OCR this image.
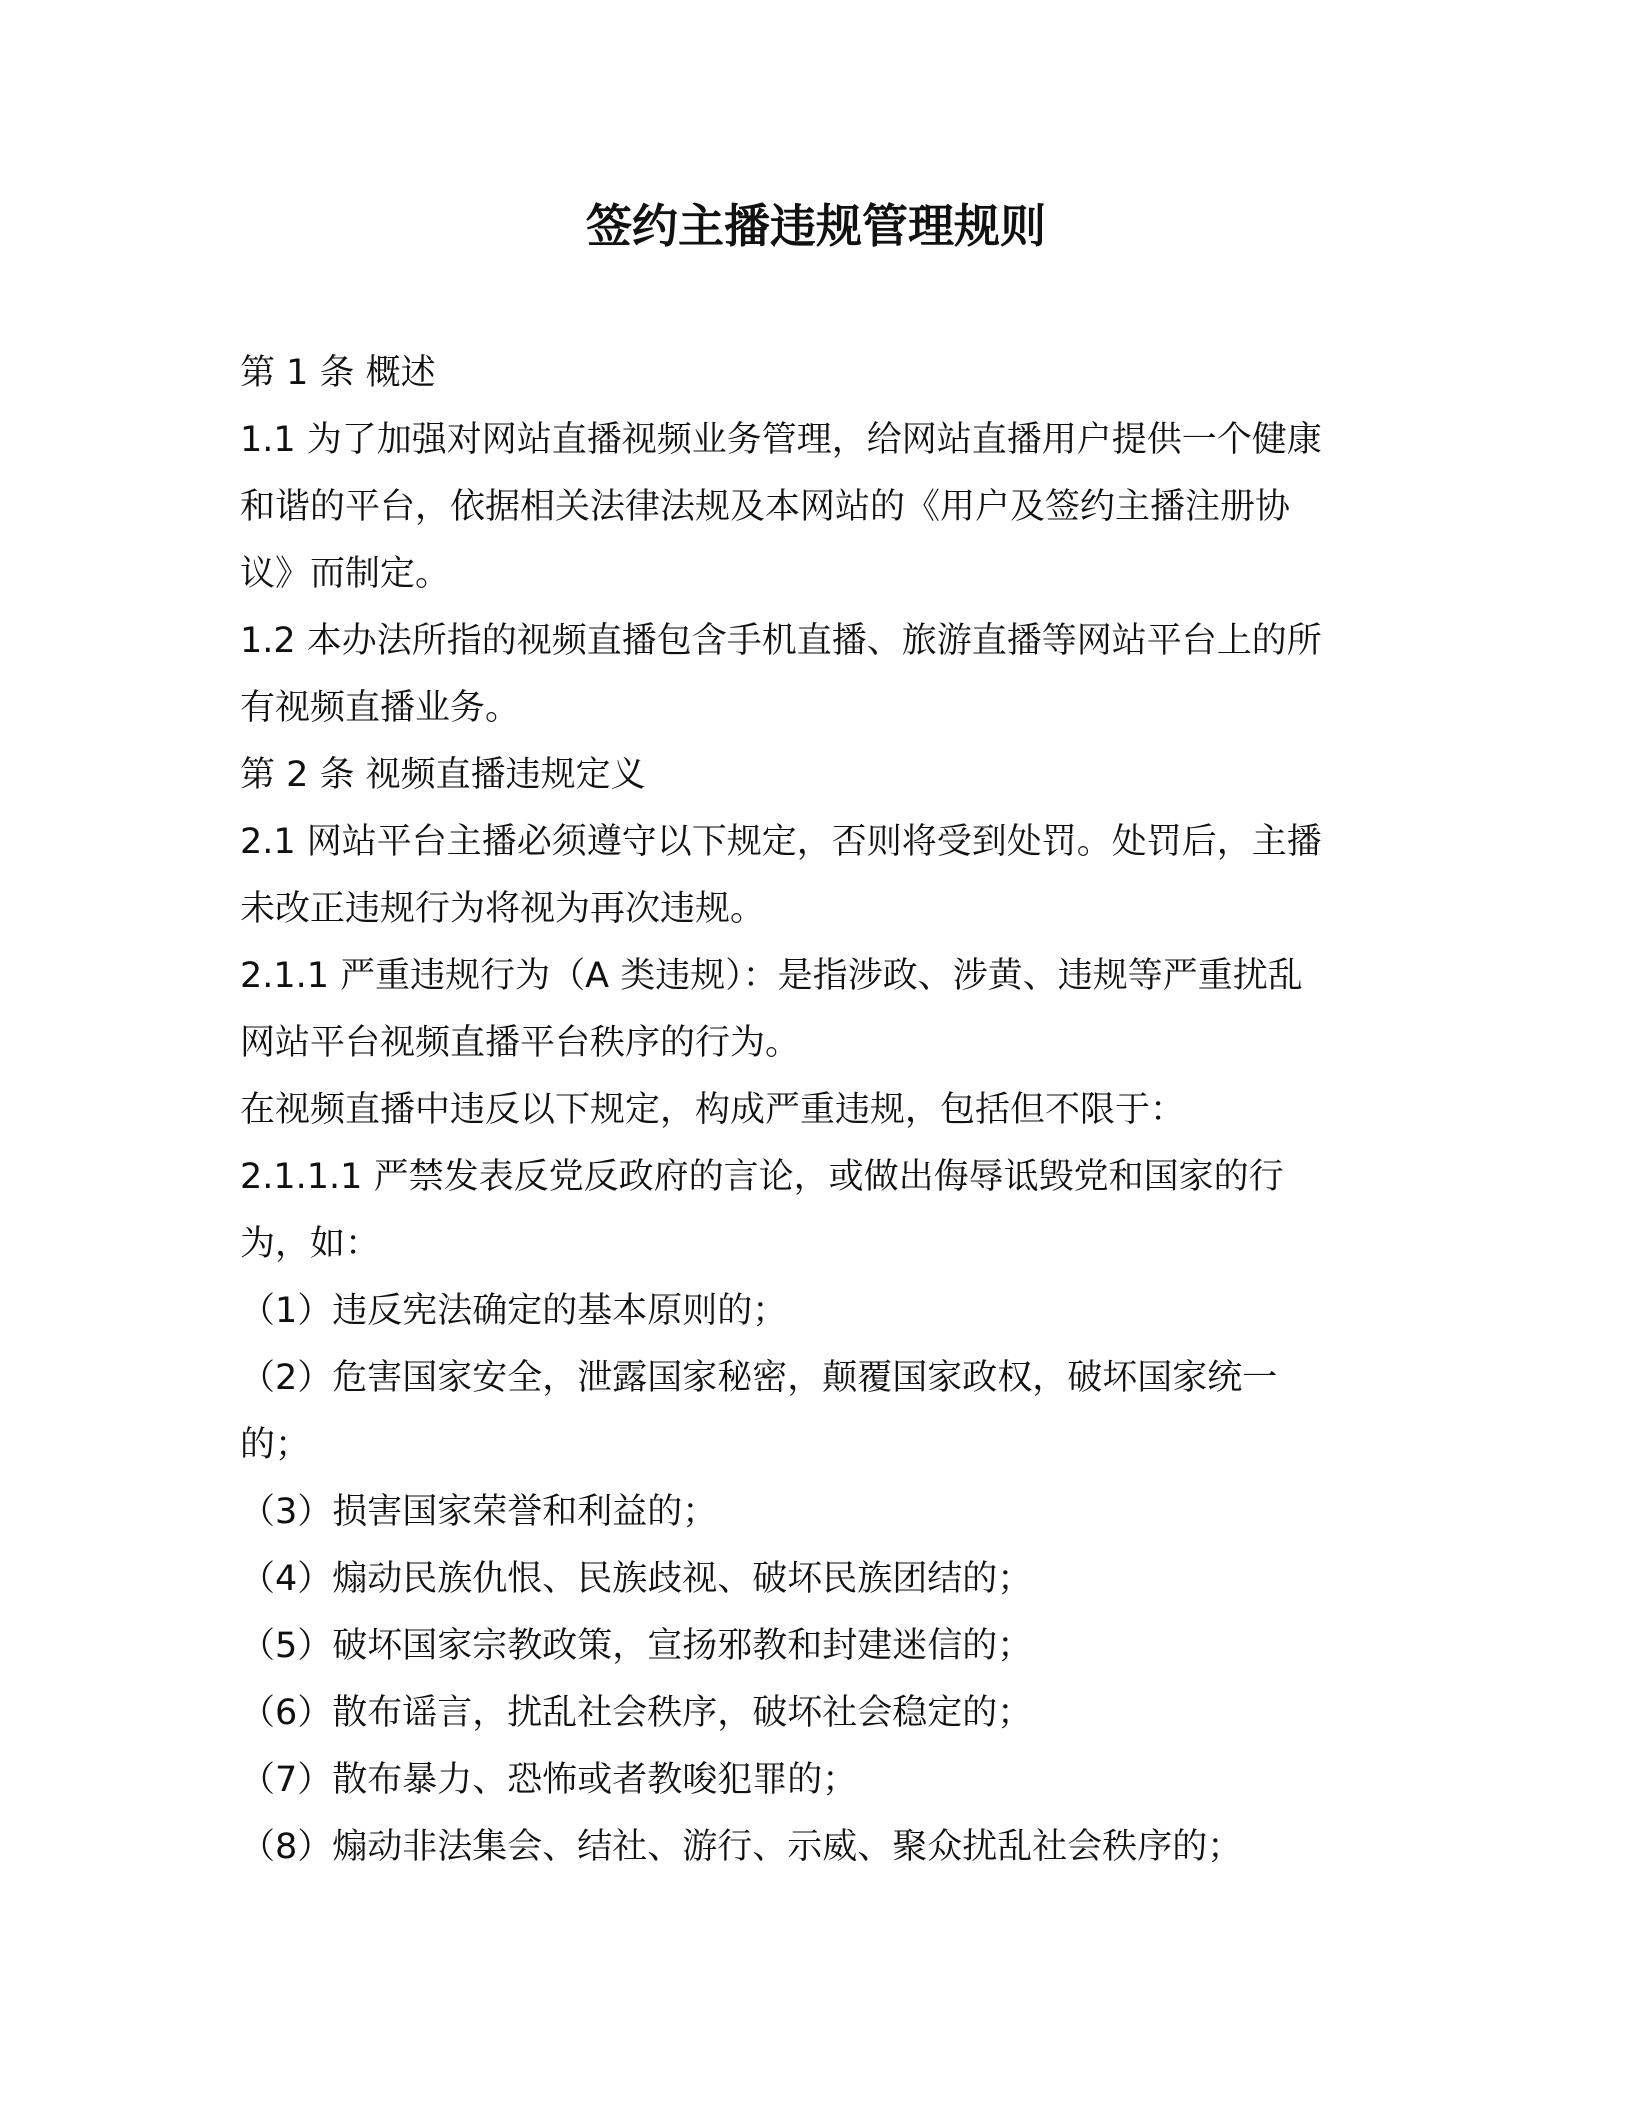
签约主播违规管理规则

第 1 条 概述

1.1 为了加强对网站直播视频业务管理，给网站直播用户提供一个健康

和谐的平台，依据相关法律法规及本网站的《用户及签约主播注册协

议》而制定。

1.2 本办法所指的视频直播包含手机直播、旅游直播等网站平台上的所

有视频直播业务。

第 2 条 视频直播违规定义

2.1 网站平台主播必须遵守以下规定，否则将受到处罚。处罚后，主播

未改正违规行为将视为再次违规。

2.1.1 严重违规行为（A 类违规）：是指涉政、涉黄、违规等严重扰乱

网站平台视频直播平台秩序的行为。

在视频直播中违反以下规定，构成严重违规，包括但不限于：

2.1.1.1 严禁发表反党反政府的言论，或做出侮辱诋毁党和国家的行

为，如：

（1）违反宪法确定的基本原则的；

（2）危害国家安全，泄露国家秘密，颠覆国家政权，破坏国家统一

的；

（3）损害国家荣誉和利益的；

（4）煽动民族仇恨、民族歧视、破坏民族团结的；

（5）破坏国家宗教政策，宣扬邪教和封建迷信的；

（6）散布谣言，扰乱社会秩序，破坏社会稳定的；

（7）散布暴力、恐怖或者教唆犯罪的；

（8）煽动非法集会、结社、游行、示威、聚众扰乱社会秩序的；
